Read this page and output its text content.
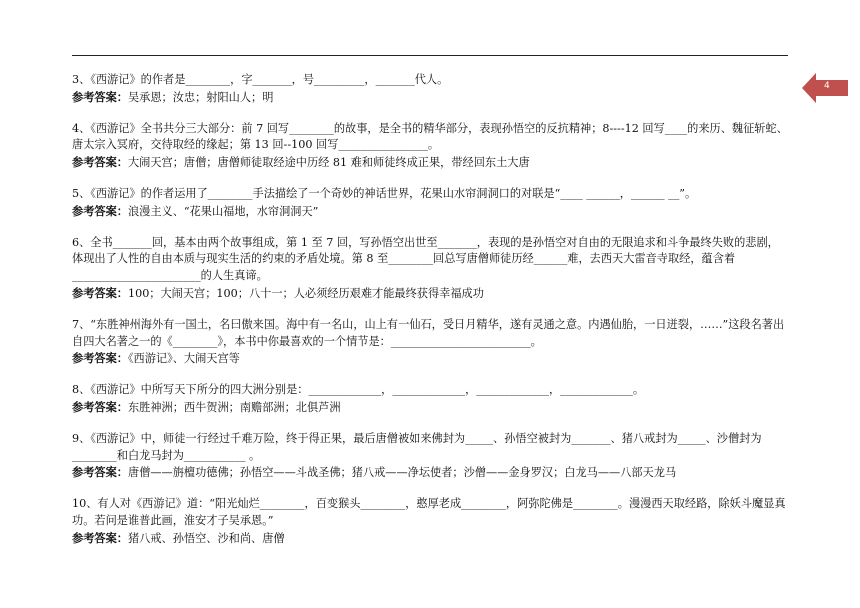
4

3、《西游记》的作者是________，字_______，号_________，_______代人。

参考答案：吴承恩；汝忠；射阳山人；明

4、《西游记》全书共分三大部分：前 7 回写________的故事，是全书的精华部分，表现孙悟空的反抗精神；8----12 回写____的来历、魏征斩蛇、唐太宗入冥府，交待取经的缘起；第 13 回--100 回写________________。

参考答案：大闹天宫；唐僧；唐僧师徒取经途中历经 81 难和师徒终成正果，带经回东土大唐

5、《西游记》的作者运用了________手法描绘了一个奇妙的神话世界，花果山水帘洞洞口的对联是“____ ______，______ __”。

参考答案：浪漫主义、“花果山福地，水帘洞洞天”

6、全书_______回，基本由两个故事组成，第 1 至 7 回，写孙悟空出世至_______，表现的是孙悟空对自由的无限追求和斗争最终失败的悲剧，体现出了人性的自由本质与现实生活的约束的矛盾处境。第 8 至________回总写唐僧师徒历经______难，去西天大雷音寺取经，蕴含着_______________________的人生真谛。

参考答案：100；大闹天宫；100；八十一；人必须经历艰难才能最终获得幸福成功

7、“东胜神州海外有一国土，名曰傲来国。海中有一名山，山上有一仙石，受日月精华，遂有灵通之意。内遇仙胎，一日迸裂，……”这段名著出自四大名著之一的《________》，本书中你最喜欢的一个情节是：_________________________。

参考答案：《西游记》、大闹天宫等

8、《西游记》中所写天下所分的四大洲分别是：_____________，_____________，_____________，_____________。

参考答案：东胜神洲；西牛贺洲；南赡部洲；北俱芦洲

9、《西游记》中，师徒一行经过千难万险，终于得正果，最后唐僧被如来佛封为_____、孙悟空被封为_______、猪八戒封为_____、沙僧封为________和白龙马封为___________ 。

参考答案：唐僧——旃檀功德佛；孙悟空——斗战圣佛；猪八戒——净坛使者；沙僧——金身罗汉；白龙马——八部天龙马

10、有人对《西游记》道：“阳光灿烂________，百变猴头________，憨厚老成________，阿弥陀佛是________。漫漫西天取经路，除妖斗魔显真功。若问是谁普此画，淮安才子吴承恩。”

参考答案：猪八戒、孙悟空、沙和尚、唐僧
